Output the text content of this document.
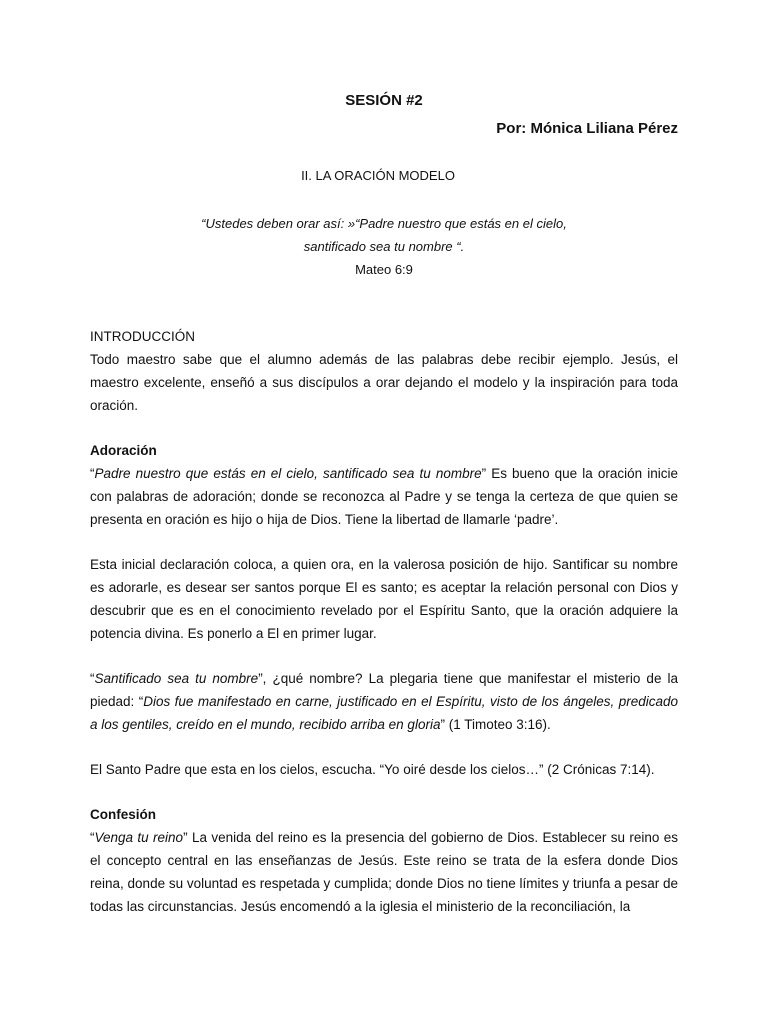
SESIÓN #2
Por: Mónica Liliana Pérez
II. LA ORACIÓN MODELO
“Ustedes deben orar así: »“Padre nuestro que estás en el cielo,
santificado sea tu nombre “.
Mateo 6:9

INTRODUCCIÓN
Todo maestro sabe que el alumno además de las palabras debe recibir ejemplo. Jesús, el maestro excelente, enseñó a sus discípulos a orar dejando el modelo y la inspiración para toda oración.

Adoración
“Padre nuestro que estás en el cielo, santificado sea tu nombre” Es bueno que la oración inicie con palabras de adoración; donde se reconozca al Padre y se tenga la certeza de que quien se presenta en oración es hijo o hija de Dios. Tiene la libertad de llamarle ‘padre’.

Esta inicial declaración coloca, a quien ora, en la valerosa posición de hijo. Santificar su nombre es adorarle, es desear ser santos porque El es santo; es aceptar la relación personal con Dios y descubrir que es en el conocimiento revelado por el Espíritu Santo, que la oración adquiere la potencia divina. Es ponerlo a El en primer lugar.

“Santificado sea tu nombre”, ¿qué nombre? La plegaria tiene que manifestar el misterio de la piedad: “Dios fue manifestado en carne, justificado en el Espíritu, visto de los ángeles, predicado a los gentiles, creído en el mundo, recibido arriba en gloria” (1 Timoteo 3:16).

El Santo Padre que esta en los cielos, escucha. “Yo oiré desde los cielos…” (2 Crónicas 7:14).

Confesión
“Venga tu reino” La venida del reino es la presencia del gobierno de Dios. Establecer su reino es el concepto central en las enseñanzas de Jesús. Este reino se trata de la esfera donde Dios reina, donde su voluntad es respetada y cumplida; donde Dios no tiene límites y triunfa a pesar de todas las circunstancias. Jesús encomendó a la iglesia el ministerio de la reconciliación, la
